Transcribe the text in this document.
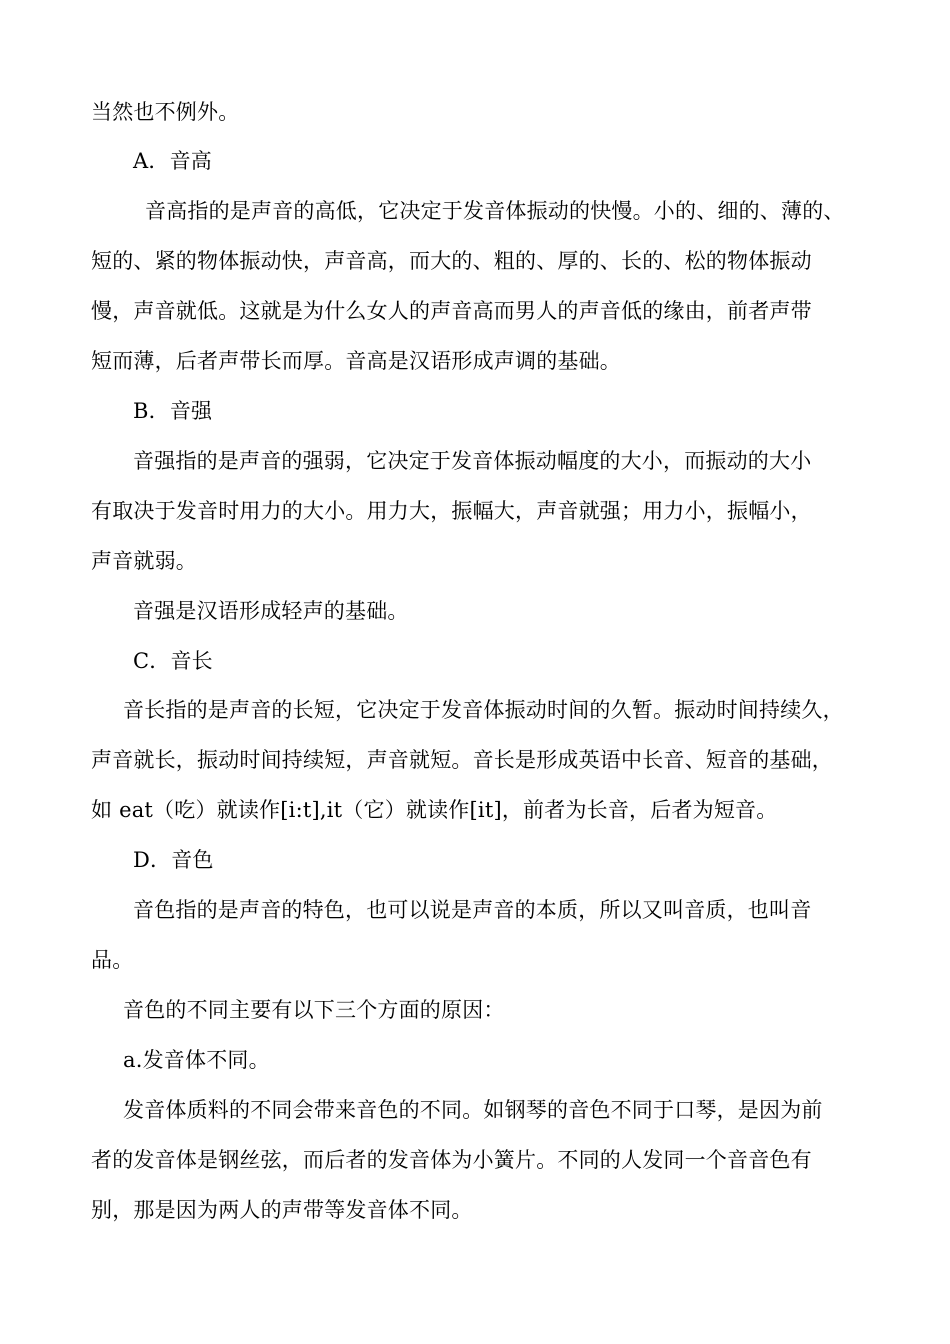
当然也不例外。
A．音高
音高指的是声音的高低，它决定于发音体振动的快慢。小的、细的、薄的、
短的、紧的物体振动快，声音高，而大的、粗的、厚的、长的、松的物体振动
慢，声音就低。这就是为什么女人的声音高而男人的声音低的缘由，前者声带
短而薄，后者声带长而厚。音高是汉语形成声调的基础。
B．音强
音强指的是声音的强弱，它决定于发音体振动幅度的大小，而振动的大小
有取决于发音时用力的大小。用力大，振幅大，声音就强；用力小，振幅小，
声音就弱。
音强是汉语形成轻声的基础。
C．音长
音长指的是声音的长短，它决定于发音体振动时间的久暂。振动时间持续久，
声音就长，振动时间持续短，声音就短。音长是形成英语中长音、短音的基础，
如 eat（吃）就读作[i:t],it（它）就读作[it]，前者为长音，后者为短音。
D．音色
音色指的是声音的特色，也可以说是声音的本质，所以又叫音质，也叫音
品。
音色的不同主要有以下三个方面的原因：
a.发音体不同。
发音体质料的不同会带来音色的不同。如钢琴的音色不同于口琴，是因为前
者的发音体是钢丝弦，而后者的发音体为小簧片。不同的人发同一个音音色有
别，那是因为两人的声带等发音体不同。
